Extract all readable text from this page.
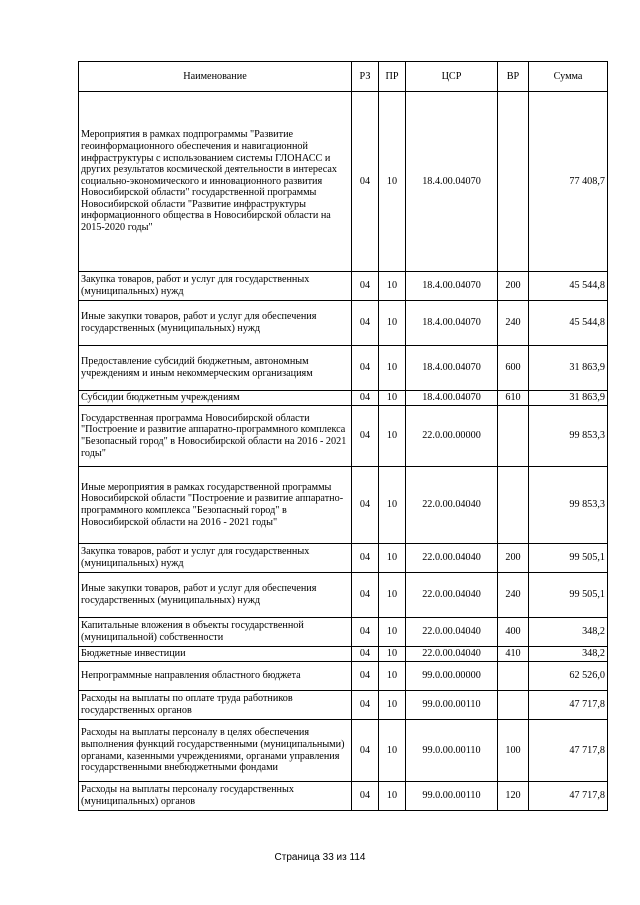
Наименование	РЗ	ПР	ЦСР	ВР	Сумма
Мероприятия в рамках подпрограммы "Развитие геоинформационного обеспечения и навигационной инфраструктуры с использованием системы ГЛОНАСС и других результатов космической деятельности в интересах социально-экономического и инновационного развития Новосибирской области" государственной программы Новосибирской области "Развитие инфраструктуры информационного общества в Новосибирской области на 2015-2020 годы"	04	10	18.4.00.04070		77 408,7
Закупка товаров, работ и услуг для государственных (муниципальных) нужд	04	10	18.4.00.04070	200	45 544,8
Иные закупки товаров, работ и услуг для обеспечения государственных (муниципальных) нужд	04	10	18.4.00.04070	240	45 544,8
Предоставление субсидий бюджетным, автономным учреждениям и иным некоммерческим организациям	04	10	18.4.00.04070	600	31 863,9
Субсидии бюджетным учреждениям	04	10	18.4.00.04070	610	31 863,9
Государственная программа Новосибирской области "Построение и развитие аппаратно-программного комплекса "Безопасный город" в Новосибирской области на 2016 - 2021 годы"	04	10	22.0.00.00000		99 853,3
Иные мероприятия в рамках государственной программы Новосибирской области "Построение и развитие аппаратно-программного комплекса "Безопасный город" в Новосибирской области на 2016 - 2021 годы"	04	10	22.0.00.04040		99 853,3
Закупка товаров, работ и услуг для государственных (муниципальных) нужд	04	10	22.0.00.04040	200	99 505,1
Иные закупки товаров, работ и услуг для обеспечения государственных (муниципальных) нужд	04	10	22.0.00.04040	240	99 505,1
Капитальные вложения в объекты государственной (муниципальной) собственности	04	10	22.0.00.04040	400	348,2
Бюджетные инвестиции	04	10	22.0.00.04040	410	348,2
Непрограммные направления областного бюджета	04	10	99.0.00.00000		62 526,0
Расходы на выплаты по оплате труда работников государственных органов	04	10	99.0.00.00110		47 717,8
Расходы на выплаты персоналу в целях обеспечения выполнения функций государственными (муниципальными) органами, казенными учреждениями, органами управления государственными внебюджетными фондами	04	10	99.0.00.00110	100	47 717,8
Расходы на выплаты персоналу государственных (муниципальных) органов	04	10	99.0.00.00110	120	47 717,8
Страница 33 из 114
